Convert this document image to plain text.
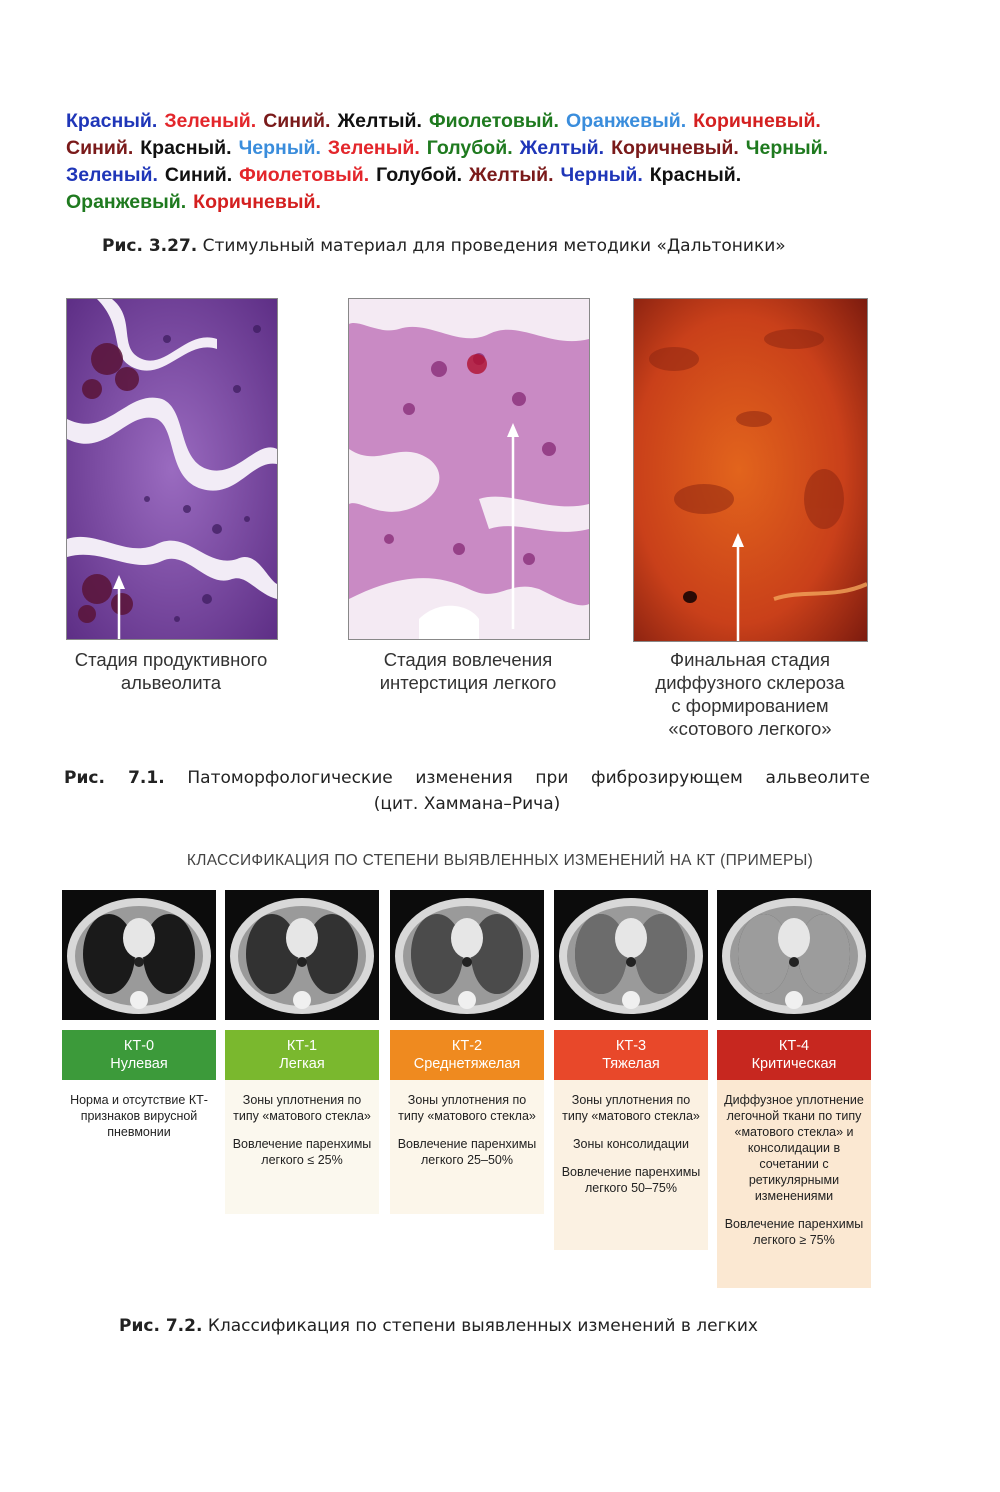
Красный. Зеленый. Синий. Желтый. Фиолетовый. Оранжевый. Коричневый.
Синий. Красный. Черный. Зеленый. Голубой. Желтый. Коричневый. Черный.
Зеленый. Синий. Фиолетовый. Голубой. Желтый. Черный. Красный.
Оранжевый. Коричневый.
Рис. 3.27. Стимульный материал для проведения методики «Дальтоники»
Стадия продуктивного
альвеолита
Стадия вовлечения
интерстиция легкого
Финальная стадия
диффузного склероза
с формированием
«сотового легкого»
Рис. 7.1. Патоморфологические изменения при фиброзирующем альвеолите
(цит. Хаммана–Рича)
КЛАССИФИКАЦИЯ ПО СТЕПЕНИ ВЫЯВЛЕННЫХ ИЗМЕНЕНИЙ НА КТ (ПРИМЕРЫ)
КТ-0
Нулевая

Норма и отсутствие КТ-признаков вирусной пневмонии

КТ-1
Легкая

Зоны уплотнения по типу «матового стекла»

Вовлечение паренхимы легкого ≤ 25%

КТ-2
Среднетяжелая

Зоны уплотнения по типу «матового стекла»

Вовлечение паренхимы легкого 25–50%

КТ-3
Тяжелая

Зоны уплотнения по типу «матового стекла»

Зоны консолидации

Вовлечение паренхимы легкого 50–75%

КТ-4
Критическая

Диффузное уплотнение легочной ткани по типу «матового стекла» и консолидации в сочетании с ретикулярными изменениями

Вовлечение паренхимы легкого ≥ 75%

Рис. 7.2. Классификация по степени выявленных изменений в легких
